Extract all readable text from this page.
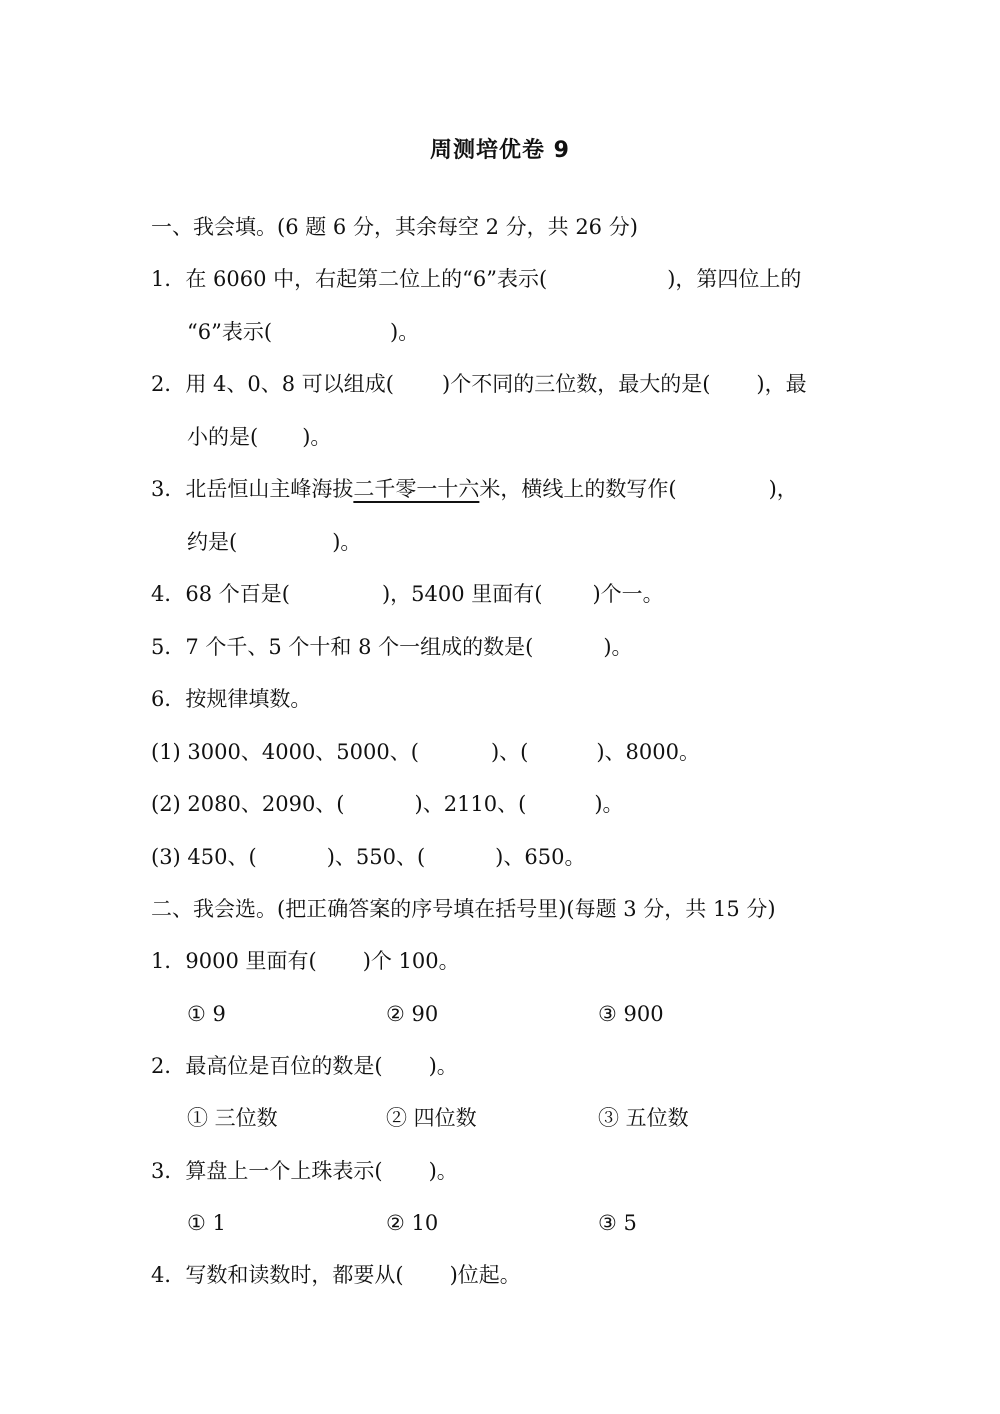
周测培优卷 9
一、我会填。(6 题 6 分，其余每空 2 分，共 26 分)
1．在 6060 中，右起第二位上的“6”表示(	)，第四位上的
“6”表示(	)。
2．用 4、0、8 可以组成( )个不同的三位数，最大的是( )，最
小的是( )。
3．北岳恒山主峰海拔二千零一十六米，横线上的数写作(	)，
约是(	)。
4．68 个百是(	)，5400 里面有( )个一。
5．7 个千、5 个十和 8 个一组成的数是(	)。
6．按规律填数。
(1) 3000、4000、5000、(	)、(	)、8000。
(2) 2080、2090、(	)、2110、(	)。
(3) 450、(	)、550、(	)、650。
二、我会选。(把正确答案的序号填在括号里)(每题 3 分，共 15 分)
1．9000 里面有( )个 100。
① 9	② 90	③ 900
2．最高位是百位的数是( )。
① 三位数	② 四位数	③ 五位数
3．算盘上一个上珠表示( )。
① 1	② 10	③ 5
4．写数和读数时，都要从( )位起。
